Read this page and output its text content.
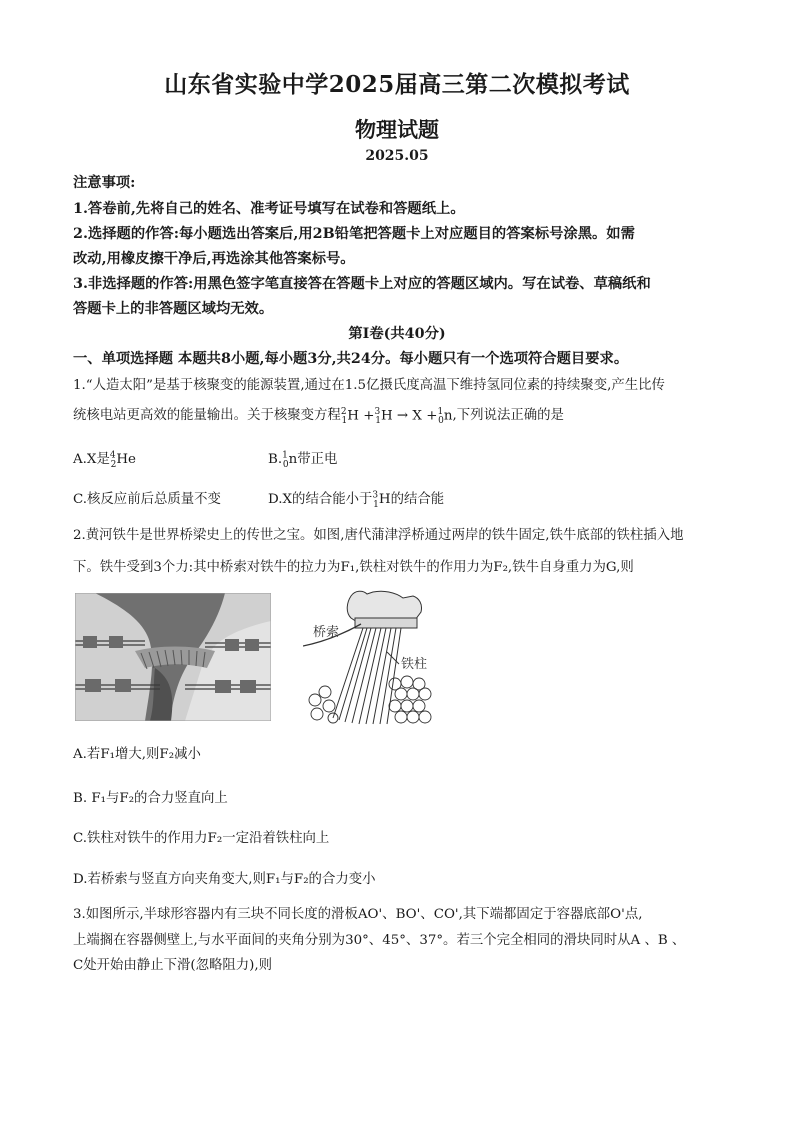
山东省实验中学2025届高三第二次模拟考试
物理试题
2025.05
注意事项:
1.答卷前,先将自己的姓名、准考证号填写在试卷和答题纸上。
2.选择题的作答:每小题选出答案后,用2B铅笔把答题卡上对应题目的答案标号涂黑。如需
改动,用橡皮擦干净后,再选涂其他答案标号。
3.非选择题的作答:用黑色签字笔直接答在答题卡上对应的答题区域内。写在试卷、草稿纸和
答题卡上的非答题区域均无效。
第Ⅰ卷(共40分)
一、单项选择题 本题共8小题,每小题3分,共24分。每小题只有一个选项符合题目要求。
1.“人造太阳”是基于核聚变的能源装置,通过在1.5亿摄氏度高温下维持氢同位素的持续聚变,产生比传
统核电站更高效的能量输出。关于核聚变方程$^2_1$H +$^3_1$H → X +$^1_0$n,下列说法正确的是
A.X是$^4_2$He	B.$^1_0$n带正电
C.核反应前后总质量不变	D.X的结合能小于$^3_1$H的结合能
2.黄河铁牛是世界桥梁史上的传世之宝。如图,唐代蒲津浮桥通过两岸的铁牛固定,铁牛底部的铁柱插入地
下。铁牛受到3个力:其中桥索对铁牛的拉力为F₁,铁柱对铁牛的作用力为F₂,铁牛自身重力为G,则
桥索
铁柱
A.若F₁增大,则F₂减小
B. F₁与F₂的合力竖直向上
C.铁柱对铁牛的作用力F₂一定沿着铁柱向上
D.若桥索与竖直方向夹角变大,则F₁与F₂的合力变小
3.如图所示,半球形容器内有三块不同长度的滑板AO'、BO'、CO',其下端都固定于容器底部O'点,
上端搁在容器侧壁上,与水平面间的夹角分别为30°、45°、37°。若三个完全相同的滑块同时从A 、B 、
C处开始由静止下滑(忽略阻力),则
